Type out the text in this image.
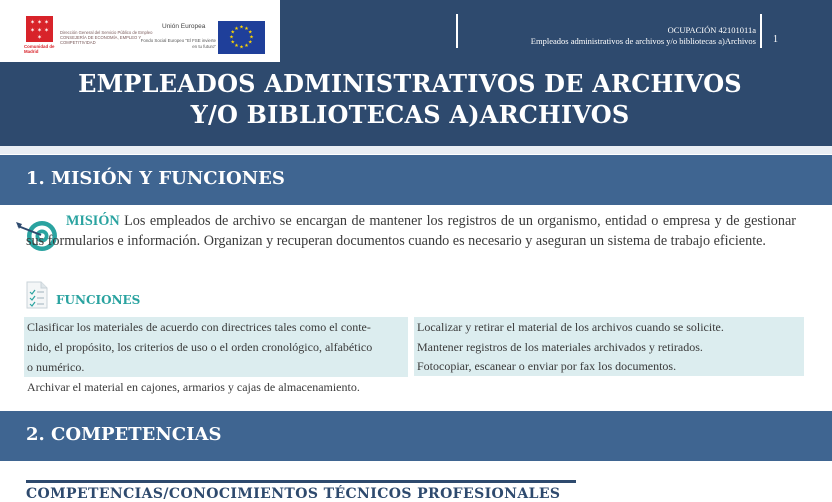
✶ ✶ ✶
✶ ✶ ✶
✶
Comunidad de Madrid
Dirección General del Servicio Público de Empleo CONSEJERÍA DE ECONOMÍA, EMPLEO Y COMPETITIVIDAD
Unión Europea
Fondo Social Europeo "El FSE invierte en tu futuro"
★ ★
★
★
★
★
★
★
★
★
★
★	OCUPACIÓN 42101011a
Empleados administrativos de archivos y/o bibliotecas a)Archivos 1
EMPLEADOS ADMINISTRATIVOS DE ARCHIVOS
Y/O BIBLIOTECAS A)ARCHIVOS
1. MISIÓN Y FUNCIONES

MISIÓN Los empleados de archivo se encargan de mantener los registros de un organismo, entidad o empresa y de gestionar sus formularios e información. Organizan y recuperan documentos cuando es necesario y aseguran un sistema de trabajo eficiente.

FUNCIONES
Clasificar los materiales de acuerdo con directrices tales como el conte-
nido, el propósito, los criterios de uso o el orden cronológico, alfabético
o numérico.
Archivar el material en cajones, armarios y cajas de almacenamiento.
Localizar y retirar el material de los archivos cuando se solicite.
Mantener registros de los materiales archivados y retirados.
Fotocopiar, escanear o enviar por fax los documentos.
2. COMPETENCIAS
COMPETENCIAS/CONOCIMIENTOS TÉCNICOS PROFESIONALES
